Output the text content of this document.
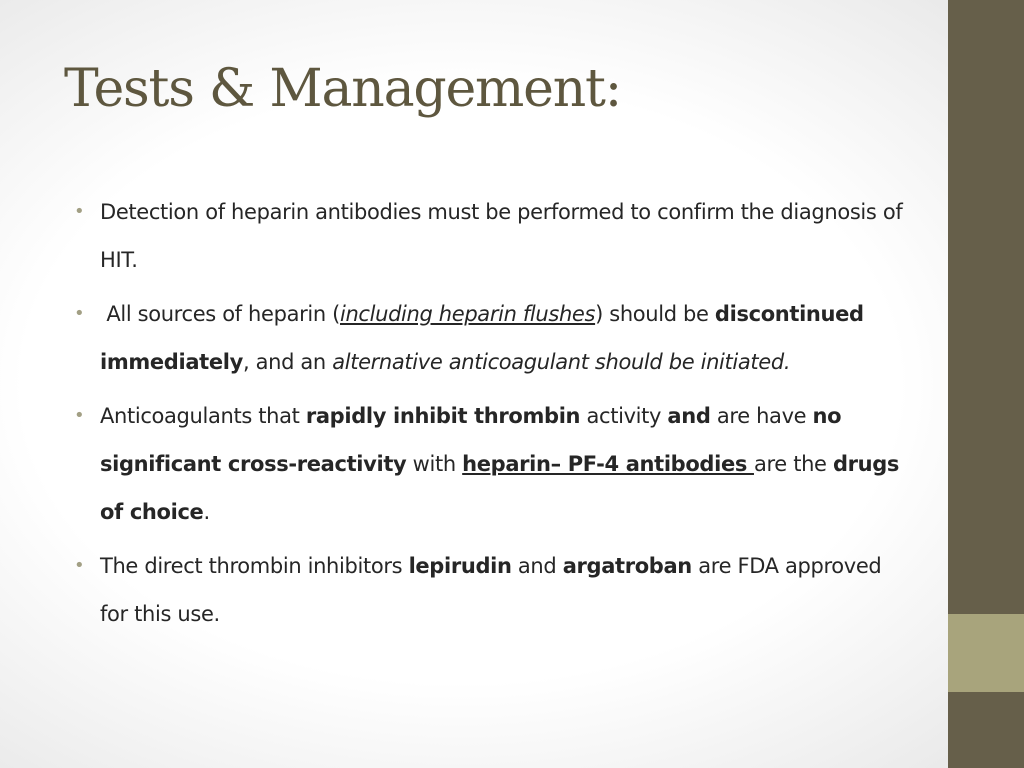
Tests & Management:
• Detection of heparin antibodies must be performed to confirm the diagnosis of HIT.
• All sources of heparin (including heparin flushes) should be discontinued immediately, and an alternative anticoagulant should be initiated.
• Anticoagulants that rapidly inhibit thrombin activity and are have no significant cross-reactivity with heparin– PF-4 antibodies are the drugs of choice.
• The direct thrombin inhibitors lepirudin and argatroban are FDA approved for this use.
